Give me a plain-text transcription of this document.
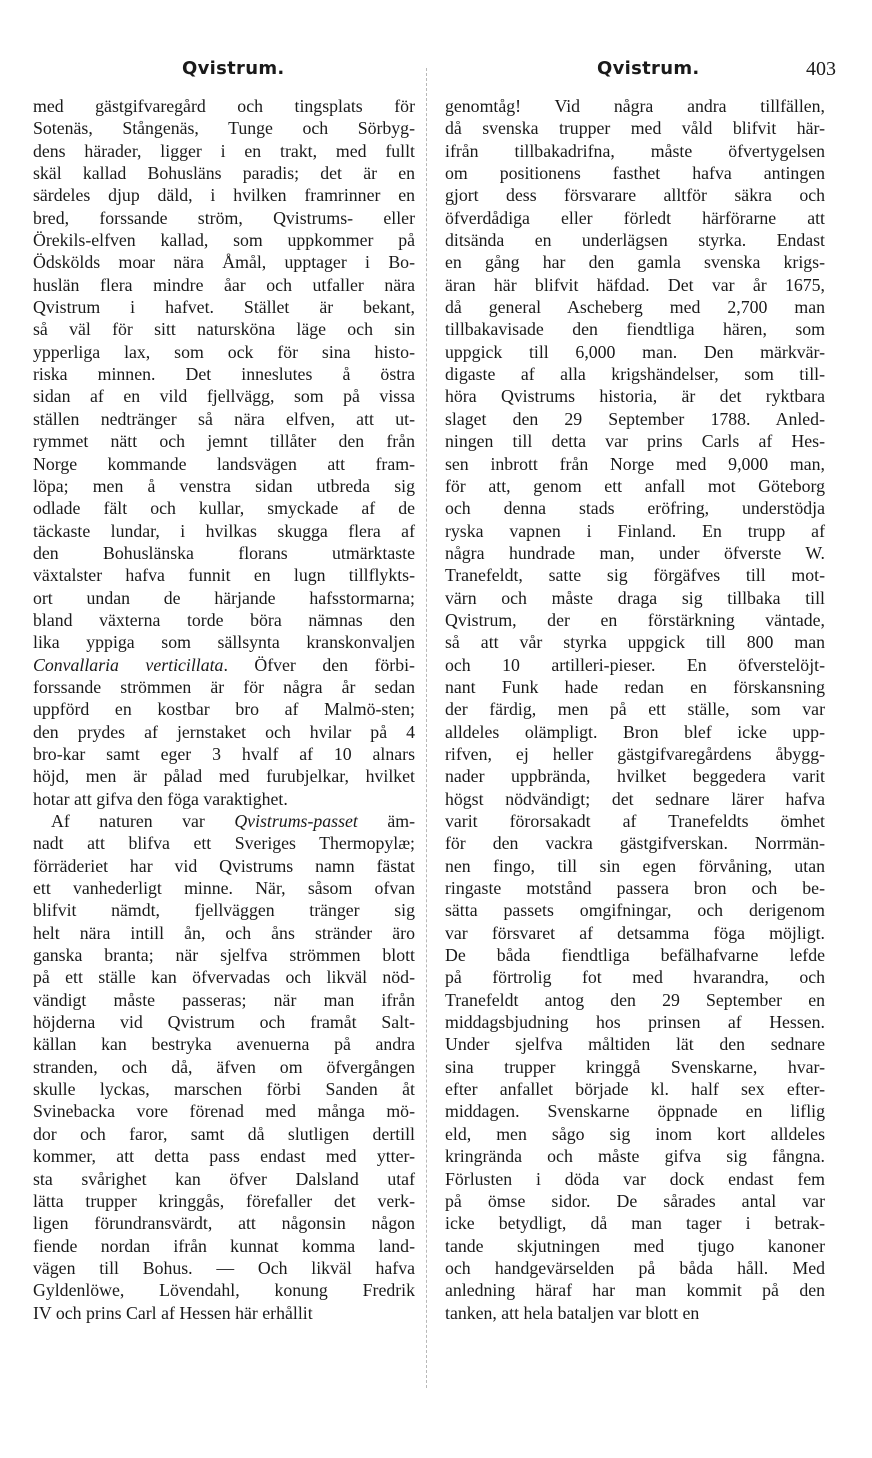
Qvistrum.	Qvistrum.	403
med gästgifvaregård och tingsplats för
Sotenäs, Stångenäs, Tunge och Sörbyg-
dens härader, ligger i en trakt, med fullt
skäl kallad Bohusläns paradis; det är en
särdeles djup däld, i hvilken framrinner en
bred, forssande ström, Qvistrums- eller
Örekils-elfven kallad, som uppkommer på
Ödskölds moar nära Åmål, upptager i Bo-
huslän flera mindre åar och utfaller nära
Qvistrum i hafvet. Stället är bekant,
så väl för sitt natursköna läge och sin
ypperliga lax, som ock för sina histo-
riska minnen. Det inneslutes å östra
sidan af en vild fjellvägg, som på vissa
ställen nedtränger så nära elfven, att ut-
rymmet nätt och jemnt tillåter den från
Norge kommande landsvägen att fram-
löpa; men å venstra sidan utbreda sig
odlade fält och kullar, smyckade af de
täckaste lundar, i hvilkas skugga flera af
den Bohuslänska florans utmärktaste
växtalster hafva funnit en lugn tillflykts-
ort undan de härjande hafsstormarna;
bland växterna torde böra nämnas den
lika yppiga som sällsynta kranskonvaljen
Convallaria verticillata. Öfver den förbi-
forssande strömmen är för några år sedan
uppförd en kostbar bro af Malmö-sten;
den prydes af jernstaket och hvilar på 4
bro-kar samt eger 3 hvalf af 10 alnars
höjd, men är pålad med furubjelkar, hvilket
hotar att gifva den föga varaktighet.
Af naturen var Qvistrums-passet äm-
nadt att blifva ett Sveriges Thermopylæ;
förräderiet har vid Qvistrums namn fästat
ett vanhederligt minne. När, såsom ofvan
blifvit nämdt, fjellväggen tränger sig
helt nära intill ån, och åns stränder äro
ganska branta; när sjelfva strömmen blott
på ett ställe kan öfvervadas och likväl nöd-
vändigt måste passeras; när man ifrån
höjderna vid Qvistrum och framåt Salt-
källan kan bestryka avenuerna på andra
stranden, och då, äfven om öfvergången
skulle lyckas, marschen förbi Sanden åt
Svinebacka vore förenad med många mö-
dor och faror, samt då slutligen dertill
kommer, att detta pass endast med ytter-
sta svårighet kan öfver Dalsland utaf
lätta trupper kringgås, förefaller det verk-
ligen förundransvärdt, att någonsin någon
fiende nordan ifrån kunnat komma land-
vägen till Bohus. — Och likväl hafva
Gyldenlöwe, Lövendahl, konung Fredrik
IV och prins Carl af Hessen här erhållit
genomtåg! Vid några andra tillfällen,
då svenska trupper med våld blifvit här-
ifrån tillbakadrifna, måste öfvertygelsen
om positionens fasthet hafva antingen
gjort dess försvarare alltför säkra och
öfverdådiga eller förledt härförarne att
ditsända en underlägsen styrka. Endast
en gång har den gamla svenska krigs-
äran här blifvit häfdad. Det var år 1675,
då general Ascheberg med 2,700 man
tillbakavisade den fiendtliga hären, som
uppgick till 6,000 man. Den märkvär-
digaste af alla krigshändelser, som till-
höra Qvistrums historia, är det ryktbara
slaget den 29 September 1788. Anled-
ningen till detta var prins Carls af Hes-
sen inbrott från Norge med 9,000 man,
för att, genom ett anfall mot Göteborg
och denna stads eröfring, understödja
ryska vapnen i Finland. En trupp af
några hundrade man, under öfverste W.
Tranefeldt, satte sig förgäfves till mot-
värn och måste draga sig tillbaka till
Qvistrum, der en förstärkning väntade,
så att vår styrka uppgick till 800 man
och 10 artilleri-pieser. En öfverstelöjt-
nant Funk hade redan en förskansning
der färdig, men på ett ställe, som var
alldeles olämpligt. Bron blef icke upp-
rifven, ej heller gästgifvaregårdens åbygg-
nader uppbrända, hvilket beggedera varit
högst nödvändigt; det sednare lärer hafva
varit förorsakadt af Tranefeldts ömhet
för den vackra gästgifverskan. Norrmän-
nen fingo, till sin egen förvåning, utan
ringaste motstånd passera bron och be-
sätta passets omgifningar, och derigenom
var försvaret af detsamma föga möjligt.
De båda fiendtliga befälhafvarne lefde
på förtrolig fot med hvarandra, och
Tranefeldt antog den 29 September en
middagsbjudning hos prinsen af Hessen.
Under sjelfva måltiden lät den sednare
sina trupper kringgå Svenskarne, hvar-
efter anfallet började kl. half sex efter-
middagen. Svenskarne öppnade en liflig
eld, men sågo sig inom kort alldeles
kringrända och måste gifva sig fångna.
Förlusten i döda var dock endast fem
på ömse sidor. De sårades antal var
icke betydligt, då man tager i betrak-
tande skjutningen med tjugo kanoner
och handgevärselden på båda håll. Med
anledning häraf har man kommit på den
tanken, att hela bataljen var blott en
